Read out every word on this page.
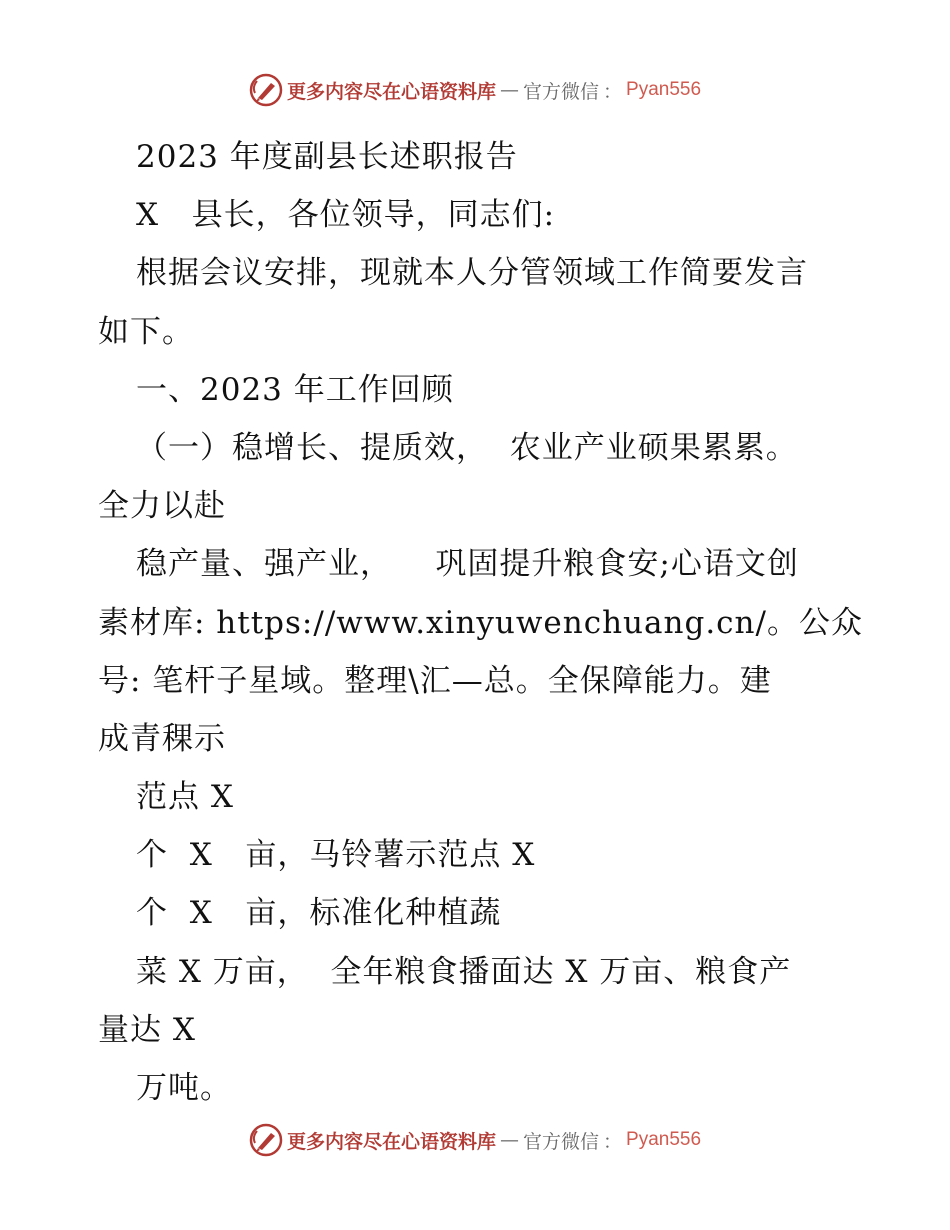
更多内容尽在心语资料库 — 官方微信 ： Pyan556
2023 年度副县长述职报告
X   县长，各位领导，同志们:
根据会议安排，现就本人分管领域工作简要发言
如下。
一、2023 年工作回顾
（一）稳增长、提质效，  农业产业硕果累累。
全力以赴
稳产量、强产业，    巩固提升粮食安;心语文创
素材库: https://www.xinyuwenchuang.cn/。公众
号: 笔杆子星域。整理\汇—总。全保障能力。建
成青稞示
范点 X
个  X   亩，马铃薯示范点 X
个  X   亩，标准化种植蔬
菜 X 万亩，  全年粮食播面达 X 万亩、粮食产
量达 X
万吨。
更多内容尽在心语资料库 — 官方微信 ： Pyan556
